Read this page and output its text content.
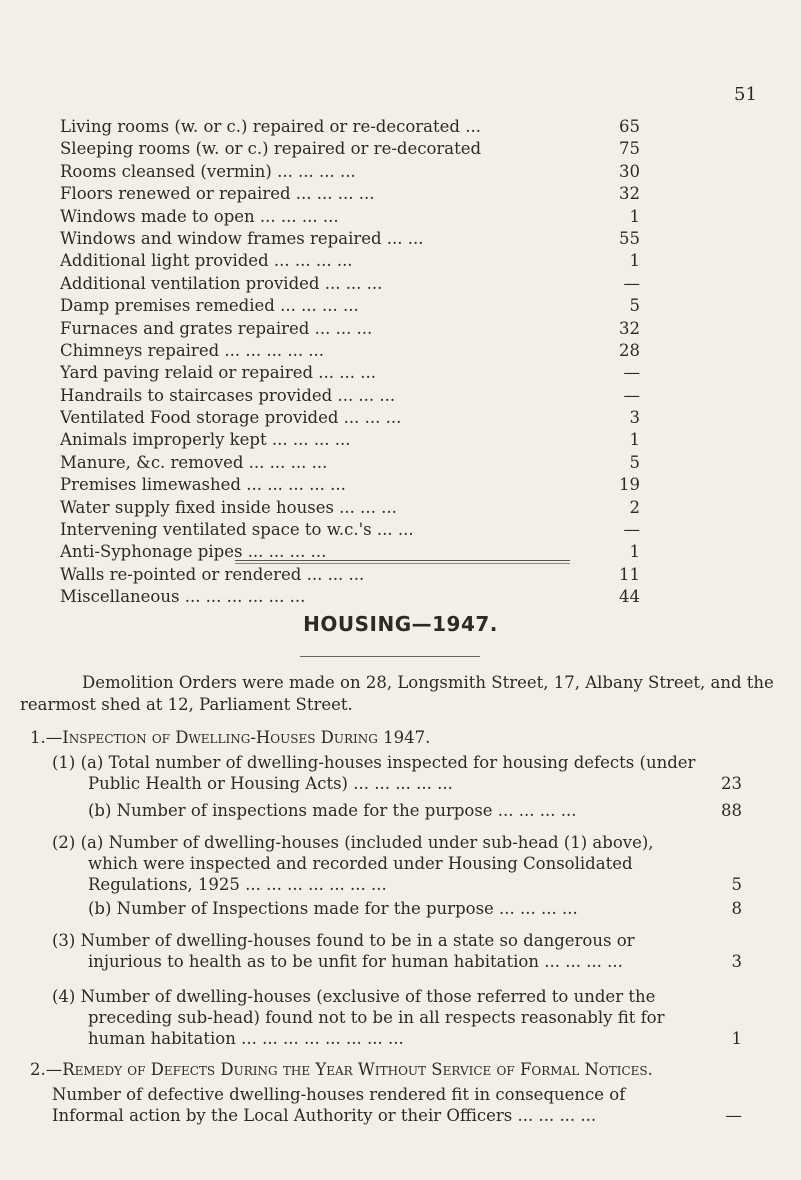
51
Living rooms (w. or c.) repaired or re-decorated ...	65
Sleeping rooms (w. or c.) repaired or re-decorated	75
Rooms cleansed (vermin) ... ... ... ...	30
Floors renewed or repaired ... ... ... ...	32
Windows made to open ... ... ... ...	1
Windows and window frames repaired ... ...	55
Additional light provided ... ... ... ...	1
Additional ventilation provided ... ... ...	—
Damp premises remedied ... ... ... ...	5
Furnaces and grates repaired ... ... ...	32
Chimneys repaired ... ... ... ... ...	28
Yard paving relaid or repaired ... ... ...	—
Handrails to staircases provided ... ... ...	—
Ventilated Food storage provided ... ... ...	3
Animals improperly kept ... ... ... ...	1
Manure, &c. removed ... ... ... ...	5
Premises limewashed ... ... ... ... ...	19
Water supply fixed inside houses ... ... ...	2
Intervening ventilated space to w.c.'s ... ...	—
Anti-Syphonage pipes ... ... ... ...	1
Walls re-pointed or rendered ... ... ...	11
Miscellaneous ... ... ... ... ... ...	44
HOUSING—1947.
Demolition Orders were made on 28, Longsmith Street, 17, Albany Street, and the rearmost shed at 12, Parliament Street.
1.—Inspection of Dwelling-Houses During 1947.
(1) (a) Total number of dwelling-houses inspected for housing defects (under Public Health or Housing Acts) ... ... ... ... ...	23
(b) Number of inspections made for the purpose ... ... ... ...	88
(2) (a) Number of dwelling-houses (included under sub-head (1) above), which were inspected and recorded under Housing Consolidated Regulations, 1925 ... ... ... ... ... ... ...	5
(b) Number of Inspections made for the purpose ... ... ... ...	8
(3) Number of dwelling-houses found to be in a state so dangerous or injurious to health as to be unfit for human habitation ... ... ... ...	3
(4) Number of dwelling-houses (exclusive of those referred to under the preceding sub-head) found not to be in all respects reasonably fit for human habitation ... ... ... ... ... ... ... ...	1
2.—Remedy of Defects During the Year Without Service of Formal Notices.
Number of defective dwelling-houses rendered fit in consequence of Informal action by the Local Authority or their Officers ... ... ... ...	—
